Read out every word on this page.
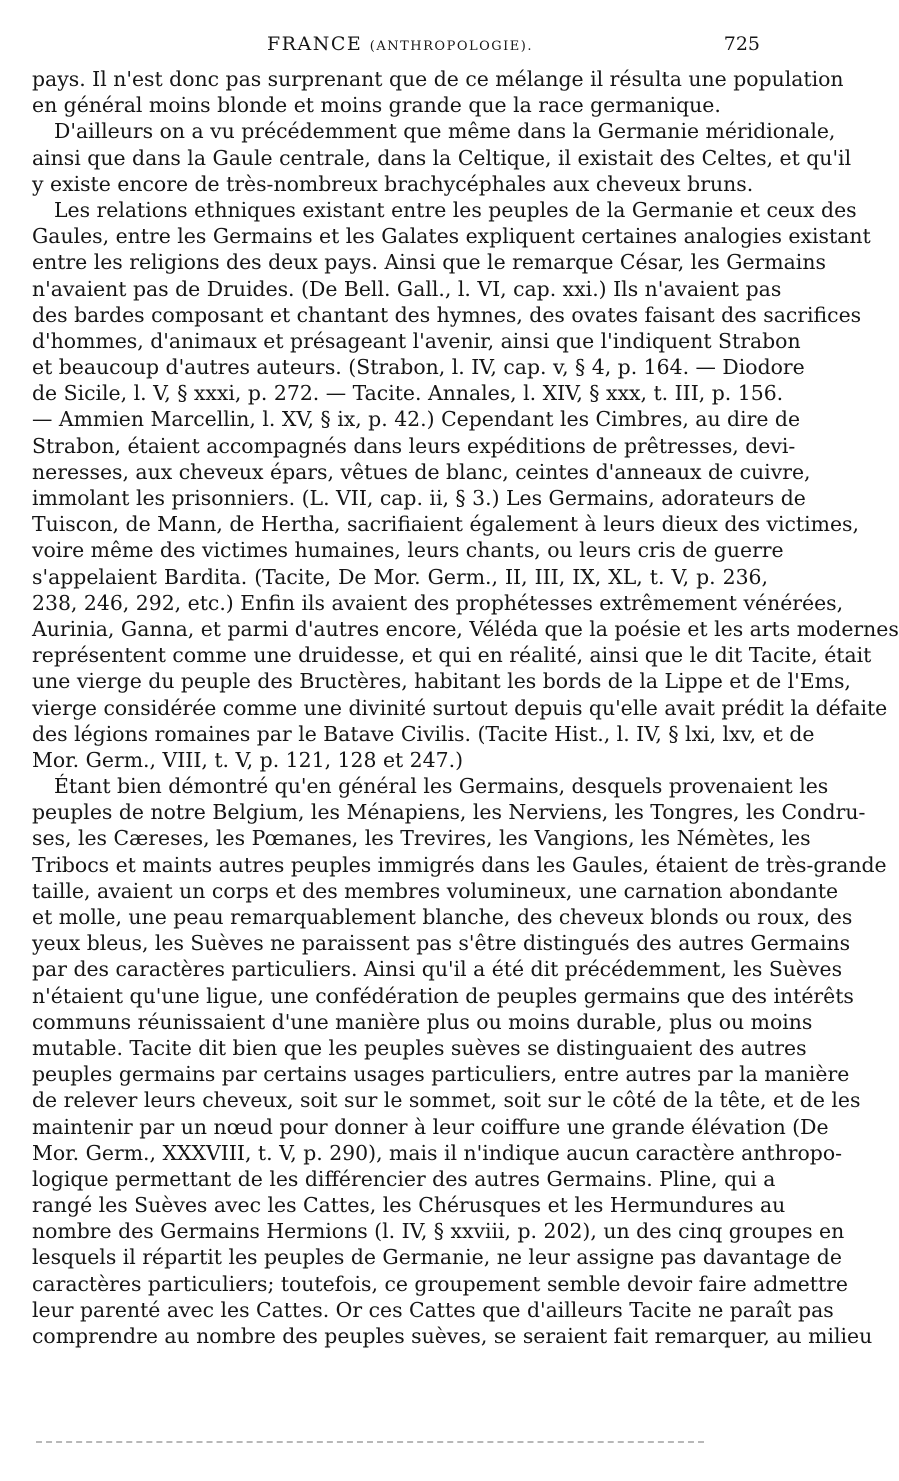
FRANCE (ANTHROPOLOGIE).	725
pays. Il n'est donc pas surprenant que de ce mélange il résulta une population
en général moins blonde et moins grande que la race germanique.
D'ailleurs on a vu précédemment que même dans la Germanie méridionale,
ainsi que dans la Gaule centrale, dans la Celtique, il existait des Celtes, et qu'il
y existe encore de très-nombreux brachycéphales aux cheveux bruns.
Les relations ethniques existant entre les peuples de la Germanie et ceux des
Gaules, entre les Germains et les Galates expliquent certaines analogies existant
entre les religions des deux pays. Ainsi que le remarque César, les Germains
n'avaient pas de Druides. (De Bell. Gall., l. VI, cap. xxi.) Ils n'avaient pas
des bardes composant et chantant des hymnes, des ovates faisant des sacrifices
d'hommes, d'animaux et présageant l'avenir, ainsi que l'indiquent Strabon
et beaucoup d'autres auteurs. (Strabon, l. IV, cap. v, § 4, p. 164. — Diodore
de Sicile, l. V, § xxxi, p. 272. — Tacite. Annales, l. XIV, § xxx, t. III, p. 156.
— Ammien Marcellin, l. XV, § ix, p. 42.) Cependant les Cimbres, au dire de
Strabon, étaient accompagnés dans leurs expéditions de prêtresses, devi-
neresses, aux cheveux épars, vêtues de blanc, ceintes d'anneaux de cuivre,
immolant les prisonniers. (L. VII, cap. ii, § 3.) Les Germains, adorateurs de
Tuiscon, de Mann, de Hertha, sacrifiaient également à leurs dieux des victimes,
voire même des victimes humaines, leurs chants, ou leurs cris de guerre
s'appelaient Bardita. (Tacite, De Mor. Germ., II, III, IX, XL, t. V, p. 236,
238, 246, 292, etc.) Enfin ils avaient des prophétesses extrêmement vénérées,
Aurinia, Ganna, et parmi d'autres encore, Véléda que la poésie et les arts modernes
représentent comme une druidesse, et qui en réalité, ainsi que le dit Tacite, était
une vierge du peuple des Bructères, habitant les bords de la Lippe et de l'Ems,
vierge considérée comme une divinité surtout depuis qu'elle avait prédit la défaite
des légions romaines par le Batave Civilis. (Tacite Hist., l. IV, § lxi, lxv, et de
Mor. Germ., VIII, t. V, p. 121, 128 et 247.)
Étant bien démontré qu'en général les Germains, desquels provenaient les
peuples de notre Belgium, les Ménapiens, les Nerviens, les Tongres, les Condru-
ses, les Cæreses, les Pœmanes, les Trevires, les Vangions, les Némètes, les
Tribocs et maints autres peuples immigrés dans les Gaules, étaient de très-grande
taille, avaient un corps et des membres volumineux, une carnation abondante
et molle, une peau remarquablement blanche, des cheveux blonds ou roux, des
yeux bleus, les Suèves ne paraissent pas s'être distingués des autres Germains
par des caractères particuliers. Ainsi qu'il a été dit précédemment, les Suèves
n'étaient qu'une ligue, une confédération de peuples germains que des intérêts
communs réunissaient d'une manière plus ou moins durable, plus ou moins
mutable. Tacite dit bien que les peuples suèves se distinguaient des autres
peuples germains par certains usages particuliers, entre autres par la manière
de relever leurs cheveux, soit sur le sommet, soit sur le côté de la tête, et de les
maintenir par un nœud pour donner à leur coiffure une grande élévation (De
Mor. Germ., XXXVIII, t. V, p. 290), mais il n'indique aucun caractère anthropo-
logique permettant de les différencier des autres Germains. Pline, qui a
rangé les Suèves avec les Cattes, les Chérusques et les Hermundures au
nombre des Germains Hermions (l. IV, § xxviii, p. 202), un des cinq groupes en
lesquels il répartit les peuples de Germanie, ne leur assigne pas davantage de
caractères particuliers; toutefois, ce groupement semble devoir faire admettre
leur parenté avec les Cattes. Or ces Cattes que d'ailleurs Tacite ne paraît pas
comprendre au nombre des peuples suèves, se seraient fait remarquer, au milieu
